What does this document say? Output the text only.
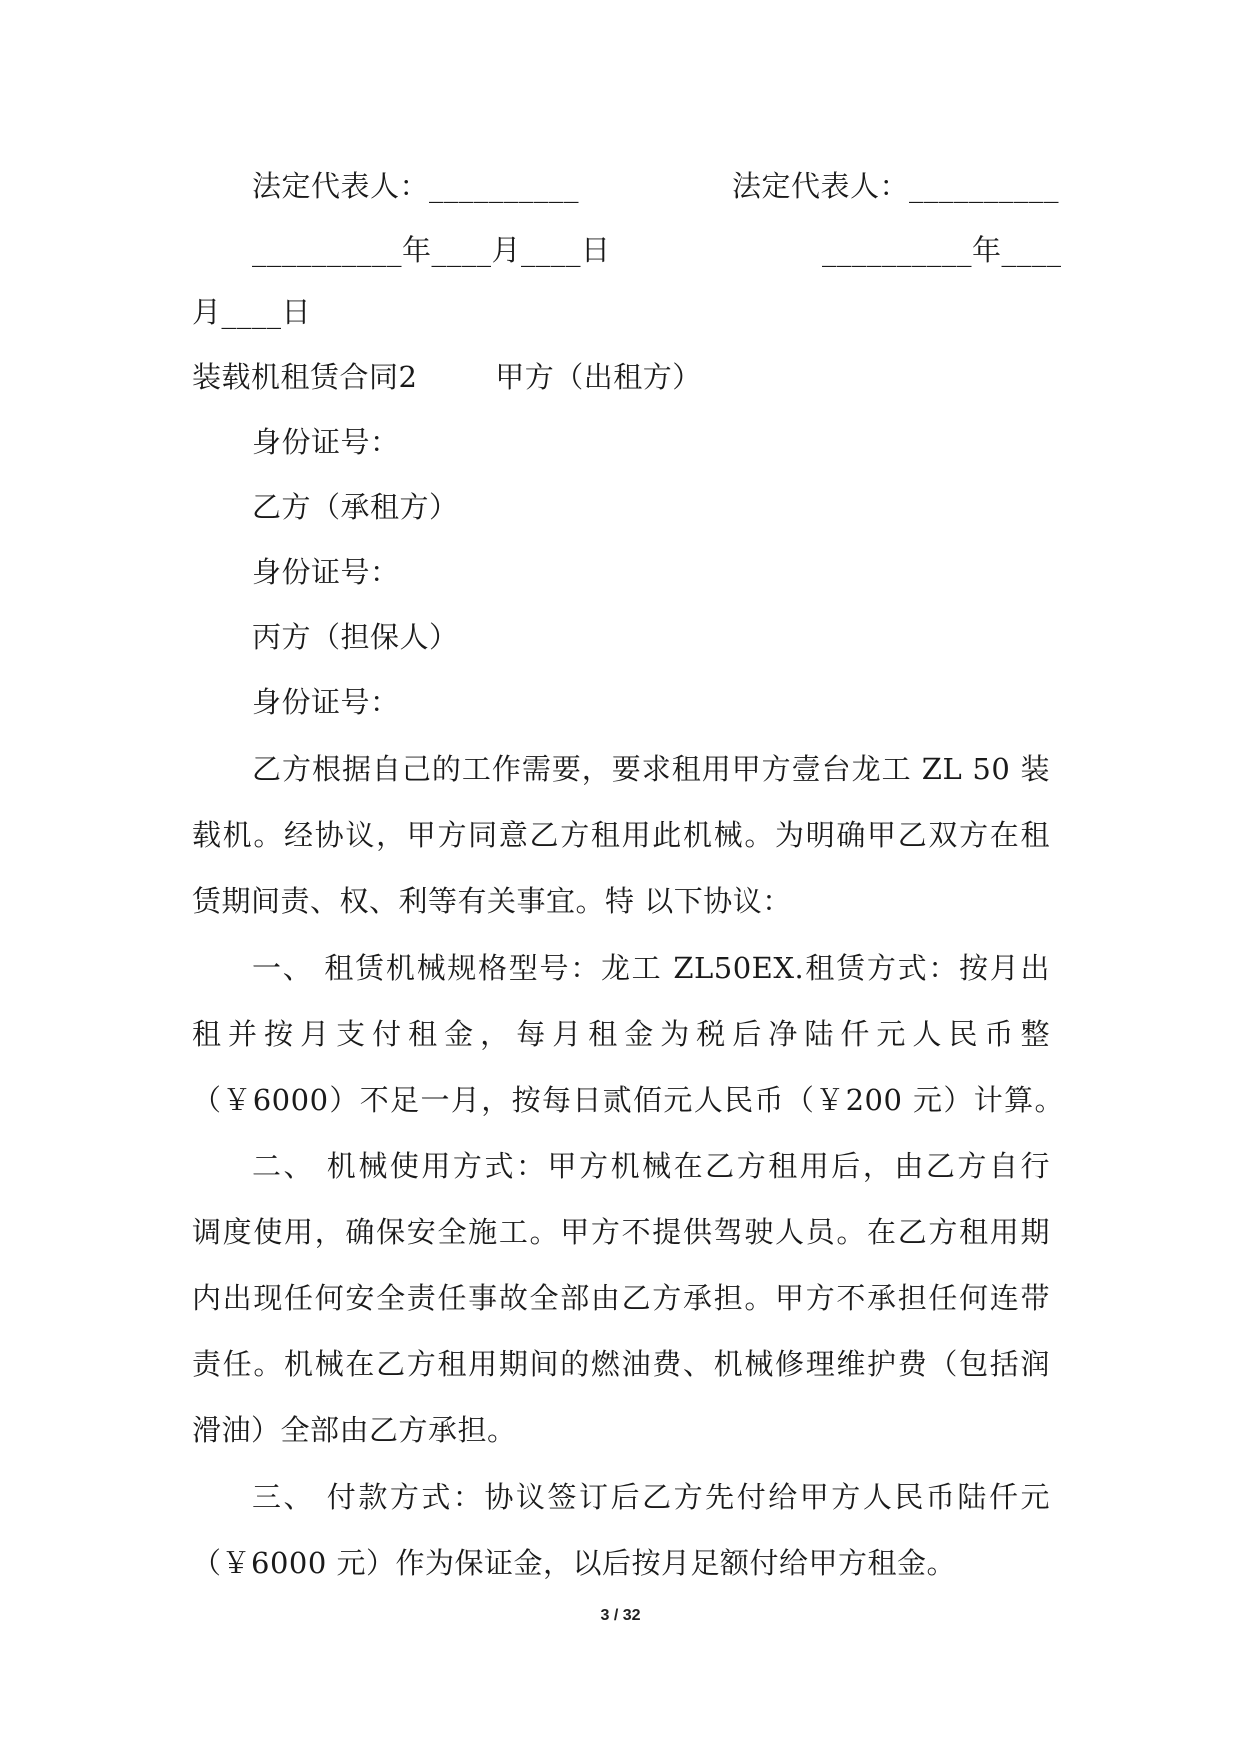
法定代表人：__________	法定代表人：__________
__________年____月____日	__________年____
月____日
装载机租赁合同2        甲方（出租方）
身份证号：
乙方（承租方）
身份证号：
丙方（担保人）
身份证号：
乙方根据自己的工作需要，要求租用甲方壹台龙工 ZL 50 装
载机。经协议，甲方同意乙方租用此机械。为明确甲乙双方在租
赁期间责、权、利等有关事宜。特 以下协议：
一、 租赁机械规格型号：龙工 ZL50EX.租赁方式：按月出
租并按月支付租金，每月租金为税后净陆仟元人民币整
（￥6000）不足一月，按每日贰佰元人民币（￥200 元）计算。
二、 机械使用方式：甲方机械在乙方租用后，由乙方自行
调度使用，确保安全施工。甲方不提供驾驶人员。在乙方租用期
内出现任何安全责任事故全部由乙方承担。甲方不承担任何连带
责任。机械在乙方租用期间的燃油费、机械修理维护费（包括润
滑油）全部由乙方承担。
三、 付款方式：协议签订后乙方先付给甲方人民币陆仟元
（￥6000 元）作为保证金，以后按月足额付给甲方租金。
3 / 32
